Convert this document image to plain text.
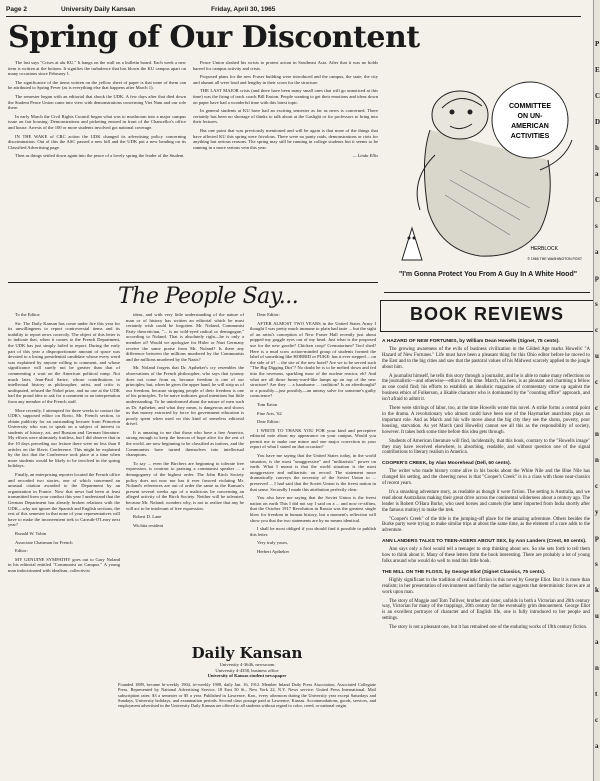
Page 2	University Daily Kansan	Friday, April 30, 1965
Spring of Our Discontent

The last says "Crises at alu KU." It hangs on the wall on a bulletin board. Each week a new item is written at the bottom. It signifies the turbulence that has blown the KU campus apart on many occasions since February 1.

The significance of the items written on the yellow sheet of paper is that none of them can be attributed to Spring Fever (as is everything else that happens after March 1).

The semester began with an editorial that shook the UDK. A few days after that died down the Student Peace Union came into view with demonstrations concerning Viet Nam and our role there.

In early March the Civil Rights Council began what was to mushroom into a major campus issue on fair housing. Demonstrations and picketing ensued in front of the Chancellor's office and house. Arrests of the 100 or more students involved got national coverage.

IN THE WAKE of CRC action the UDK changed its advertising policy concerning discrimination. Out of this the ASC passed a new bill and the UDK put a new heading on its Classified Advertising page.

Then as things settled down again into the peace of a lovely spring the leader of the Student

Peace Union slashed his wrists to protest action in Southeast Asia. After that it was no holds barred for campus activity and crisis.

Proposed plans for the new Fraser building were introduced and the campus, the state, the city and alumni all were loud and lengthy in their scorn for the structure.

THE LAST MAJOR crisis (and there have been many small ones that will go unnoticed at this time) was the firing of track coach Bill Easton. People wanting to get their emotions and ideas down on paper have had a wonderful time with this latest topic.

In general students at KU have had an exciting semester as far as news is concerned. There certainly has been no shortage of thinks to talk about at the Gaslight or for professors to bring into their lectures.

But one point that was previously mentioned and will be again is that none of the things that have affected KU this spring were frivolous. There were no panty raids, demonstrations or riots for anything but serious reasons. The spring may still be running in college students but it seems to be running in a more serious vein this year.

— Linda Ellis

COMMITTEE
ON UN-
AMERICAN
ACTIVITIES
HERBLOCK
© 1965 THE WASHINGTON POST
"I'm Gonna Protect You From A Guy In A White Hood"
The People Say...

To the Editor:

Sir: The Daily Kansan has come under fire this year for its unwillingness to report controversial items and its inability to report news correctly. The object of this letter is to indicate that, when it comes to the French Department, the UDK has just simply failed to report. During the early part of this year a disproportionate amount of space was devoted to a losing presidential candidate whose every word was explained by anyone willing to comment, and whose significance will surely not be greater than that of commenting a wart on the American political rump. Not much later, Jean-Paul Sartre, whose contributions to intellectual history as philosopher, artist, and critic is undisputed, refused the Nobel prize, and no one at the UDK had the proud idea to ask for a comment or an interpretation from any member of the French staff.

More recently, I attempted for three weeks to contact the UDK's supposed editor on Rorto, Mr. French section, to obtain publicity for an outstanding lecturer from Princeton University who was to speak on a subject of interest to students of history, art, and Russian and German literature. My efforts were ultimately fruitless, but I did observe that in the 10 days preceding our lecture there were no less than 8 articles on the Slavic Conference. This might be explained by the fact that the Conference took place at a time when more students would be likely to be involved in the spring holidays.

Finally, an enterprising reporter located the French office and recorded two stories, one of which concerned an unusual citation awarded to the Department by an organization in France. Now that news had been at least transmitted from your conduct this year I understand that the German Department has already broken relations with the UDK—why not ignore the Spanish and English sections, the rest of this semester in that none of your representatives will have to make the inconvenient trek to Carruth-O'Leary next year?

Ronald W. Tobin

Associate Chairman for French

Editor:

MY GENUINE SYMPATHY goes out to Gary Noland in his editorial entitled "Communist on Campus." A young man indoctrinated with idealism, collectivist

ideas, and with very little understanding of the nature of man or of history has written an editorial which he must certainly wish could be forgotten. Mr. Noland, Communist Party theoretician, "... is no wild-eyed radical or demagogue," according to Noland. That is absolutely right—he is only a member of! Would we apologize for Hitler or Nazi Germany receive the same praise from Mr. Noland? Is there any difference between the millions murdered by the Communists and the millions murdered by the Nazis?

Mr. Noland forgets that Dr. Aptheker's cry resembles the observations of the French philosopher, who says that tyranny does not come from us, because freedom is one of our principles; but, when he gives the upper hand, he will strip us of our freedom, because stripping people of their freedom is one of his principles. To be naive indicates good intentions but little understanding. To be uninformed about the nature of men such as Dr. Aptheker, and what they mean, is dangerous and shows us that money extracted by force for government education is poorly spent when used on this kind of senseless editorial drivel.

It is amazing to me that those who have a free America, strong enough to keep the beacon of hope alive for the rest of the world, are now beginning to be classified as traitors, and the Communists have turned themselves into intellectual champions.

To say ... even the Birchers are beginning to tolerate free expression, is contrast to praising a communist speaker ... a demagoguery of the highest order. The John Birch Society policy does not now nor has it ever favored violating Mr. Noland's references are out of order the same as the Kansan's present several weeks ago of a malicious lie concerning an alleged activity of the Birch Society. Neither will be tolerated, because Mr. Noland, wonders why, is not to realize that any he will act to be intolerant of free expression.

Robert D. Lane

Wichita resident

Dear Editor:

AFTER ALMOST TWO YEARS in the United States Army I thought I was pretty much immune to plain bad taste ... but the sight of an artist's conception of New Fraser Hall recently just about popped my goggle eyes out of my head. Just what is the proposed use for the new goodie? Chicken coop? Crematorium? Tool shed? Here is a mud scow action-minded group of students formed the label of something like HORRID or PUKE: has it ever stepped ... on the side of it? ... the site of the new hotel? Are we to be served such "The Big Digging Dirt"? No doubt he is to be melted down and fed into the ravenous, sparkling maw of the nuclear reactor, eh? And what are all those funny-ward-like lumps up on top of the new structure? Are they ... a handsome ... tradition? Is an afterthought? or a possibly—just possibly—an uneasy salve for someone's guilty conscience?

Tom Eaton

Fine Arts, '62

Dear Editor:

I WRITE TO THANK YOU FOR your kind and perceptive editorial note about my appearance on your campus. Would you permit me to make one minor and one major correction in your report of what I stated on that occasion?

You have me saying that the United States today, in the world situation, is the most "unaggressive" and "militaristic" power on earth. What I meant is that the world situation is the most unaggressive and militaristic on record. The statement more dramatically conveys the necessity of the Soviet Union to ... preserved ... I had said that the Soviet Union is the freest nation in that sense. Secondly I made this attribution perfectly clear.

You also have me saying that the Soviet Union is the freest nation on earth This I did not say I said on a ... and now re-affirm, that the October 1917 Revolution in Russia was the greatest single blow for freedom in human history, but a moment's reflection will show you that the two statements are by no means identical.

I shall be most obliged if you should find it possible to publish this letter.

Very truly yours,

Herbert Aptheker

Daily Kansan
University 4-3646, newsroom
University 4-4358, business office
University of Kansas student newspaper
Founded 1889, became bi-weekly 1904, tri-weekly 1908, daily Jan. 16, 1912. Member Inland Daily Press Association, Associated Collegiate Press. Represented by National Advertising Service, 18 East 50 St., New York 22, N.Y. News service: United Press International. Mail subscription rates: $3 a semester or $5 a year. Published in Lawrence, Kan., every afternoon during the University year except Saturdays and Sundays, University holidays, and examination periods. Second class postage paid at Lawrence, Kansas. Accommodations, goods, services, and employment advertised in the University Daily Kansan are offered to all students without regard to color, creed, or national origin.
BOOK REVIEWS

A HAZARD OF NEW FORTUNES, by William Dean Howells (Signet, 75 cents).

The growing awareness of the evils of business civilization in the Gilded Age marks Howells' "A Hazard of New Fortunes." Life must have been a pleasant thing for this Ohio editor before he moved to the East and to the big cities and saw that the pastoral values of his Midwest scarcely applied to the jungle about him.

A journalist himself, he tells this story through a journalist, and he is able to make many reflections on the journalistic—and otherwise—ethics of his time. March, his hero, is as pleasant and charming a fellow as one could find; his efforts to establish an idealistic magazine of commentary come up against the business ethics of Fulkerson, a likable character who is dominated by the "counting office" approach, and isn't afraid to admit it.

There were stirrings of labor, too, at the time Howells wrote this novel. A strike forms a central point in the drama. A revolutionary who almost could have been one of the Haymarket anarchists plays an important role. And as March and his wife move about the big city they see the slums, poverty, poor housing, starvation. As yet March (and Howells) cannot see all this as the responsibility of society, however. It takes both some time before this idea gets through.

Students of American literature will find, incidentally, that this book, contrary to the "Howells image" they may have received elsewhere, is absorbing, readable, and without question one of the signal contributions to literary realism in America.

COOPER'S CREEK, by Alan Moorehead (Dell, 60 cents).

The writer who made history come alive in his books about the White Nile and the Blue Nile has changed his setting, and the cheering news is that "Cooper's Creek" is in a class with those near-classics of recent years.

It's a smashing adventure story, as readable as though it were fiction. The setting is Australia, and we read about Australians making their great drive across the continental wilderness about a century ago. The leader is Robert O'Hara Burke, who used horses and camels (the latter imported from India shortly after the famous mutiny) to make the trek.

"Cooper's Creek" of the title is the jumping-off place for the amazing adventure. Others besides the Burke party were trying to make similar trips at about the same time, as the element of a race adds to the adventure.

ANN LANDERS TALKS TO TEEN-AGERS ABOUT SEX, by Ann Landers (Crest, 60 cents).

Ann says only a fool would tell a teenager to stop thinking about sex. So she sets forth to tell them how to think about it. Many of these letters form the book interesting. There are probably a lot of young folks around who would do well to read this little book.

THE MILL ON THE FLOSS, by George Eliot (Signet Classics, 75 cents).

Highly significant in the tradition of realistic fiction is this novel by George Eliot. But it is more than realism; in her presentation of environment and family the author suggests that deterministic forces are at work upon man.

The story of Maggie and Tom Tulliver, brother and sister, unfolds in both a Victorian and 20th century way, Victorian for many of the trappings, 20th century for the eventually grim denouement. George Eliot is an excellent portrayer of character and of English life, one is fully introduced to her people and settings.

The story is not a pleasant one, but it has remained one of the enduring works of 19th century fiction.

P
E
C
D
h
a
C
s
a
p
s
c
u
c
c
n
n
c
y
p
s
k
u
a
n
t
c
a
